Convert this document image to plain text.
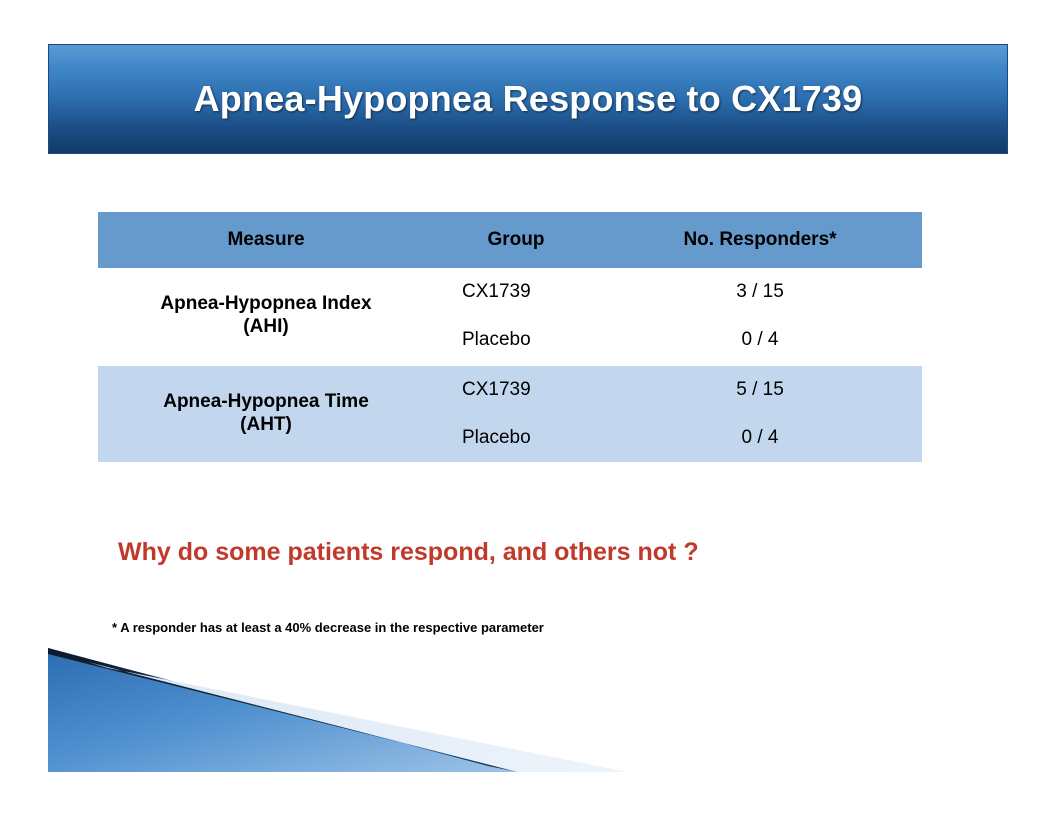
Apnea-Hypopnea Response to CX1739
Measure	Group	No. Responders*

Apnea-Hypopnea Index
(AHI)	CX1739	3 / 15
	Placebo	0 / 4

Apnea-Hypopnea Time
(AHT)	CX1739	5 / 15
	Placebo	0 / 4
Why do some patients respond, and others not ?
* A responder has at least a 40% decrease in the respective parameter
